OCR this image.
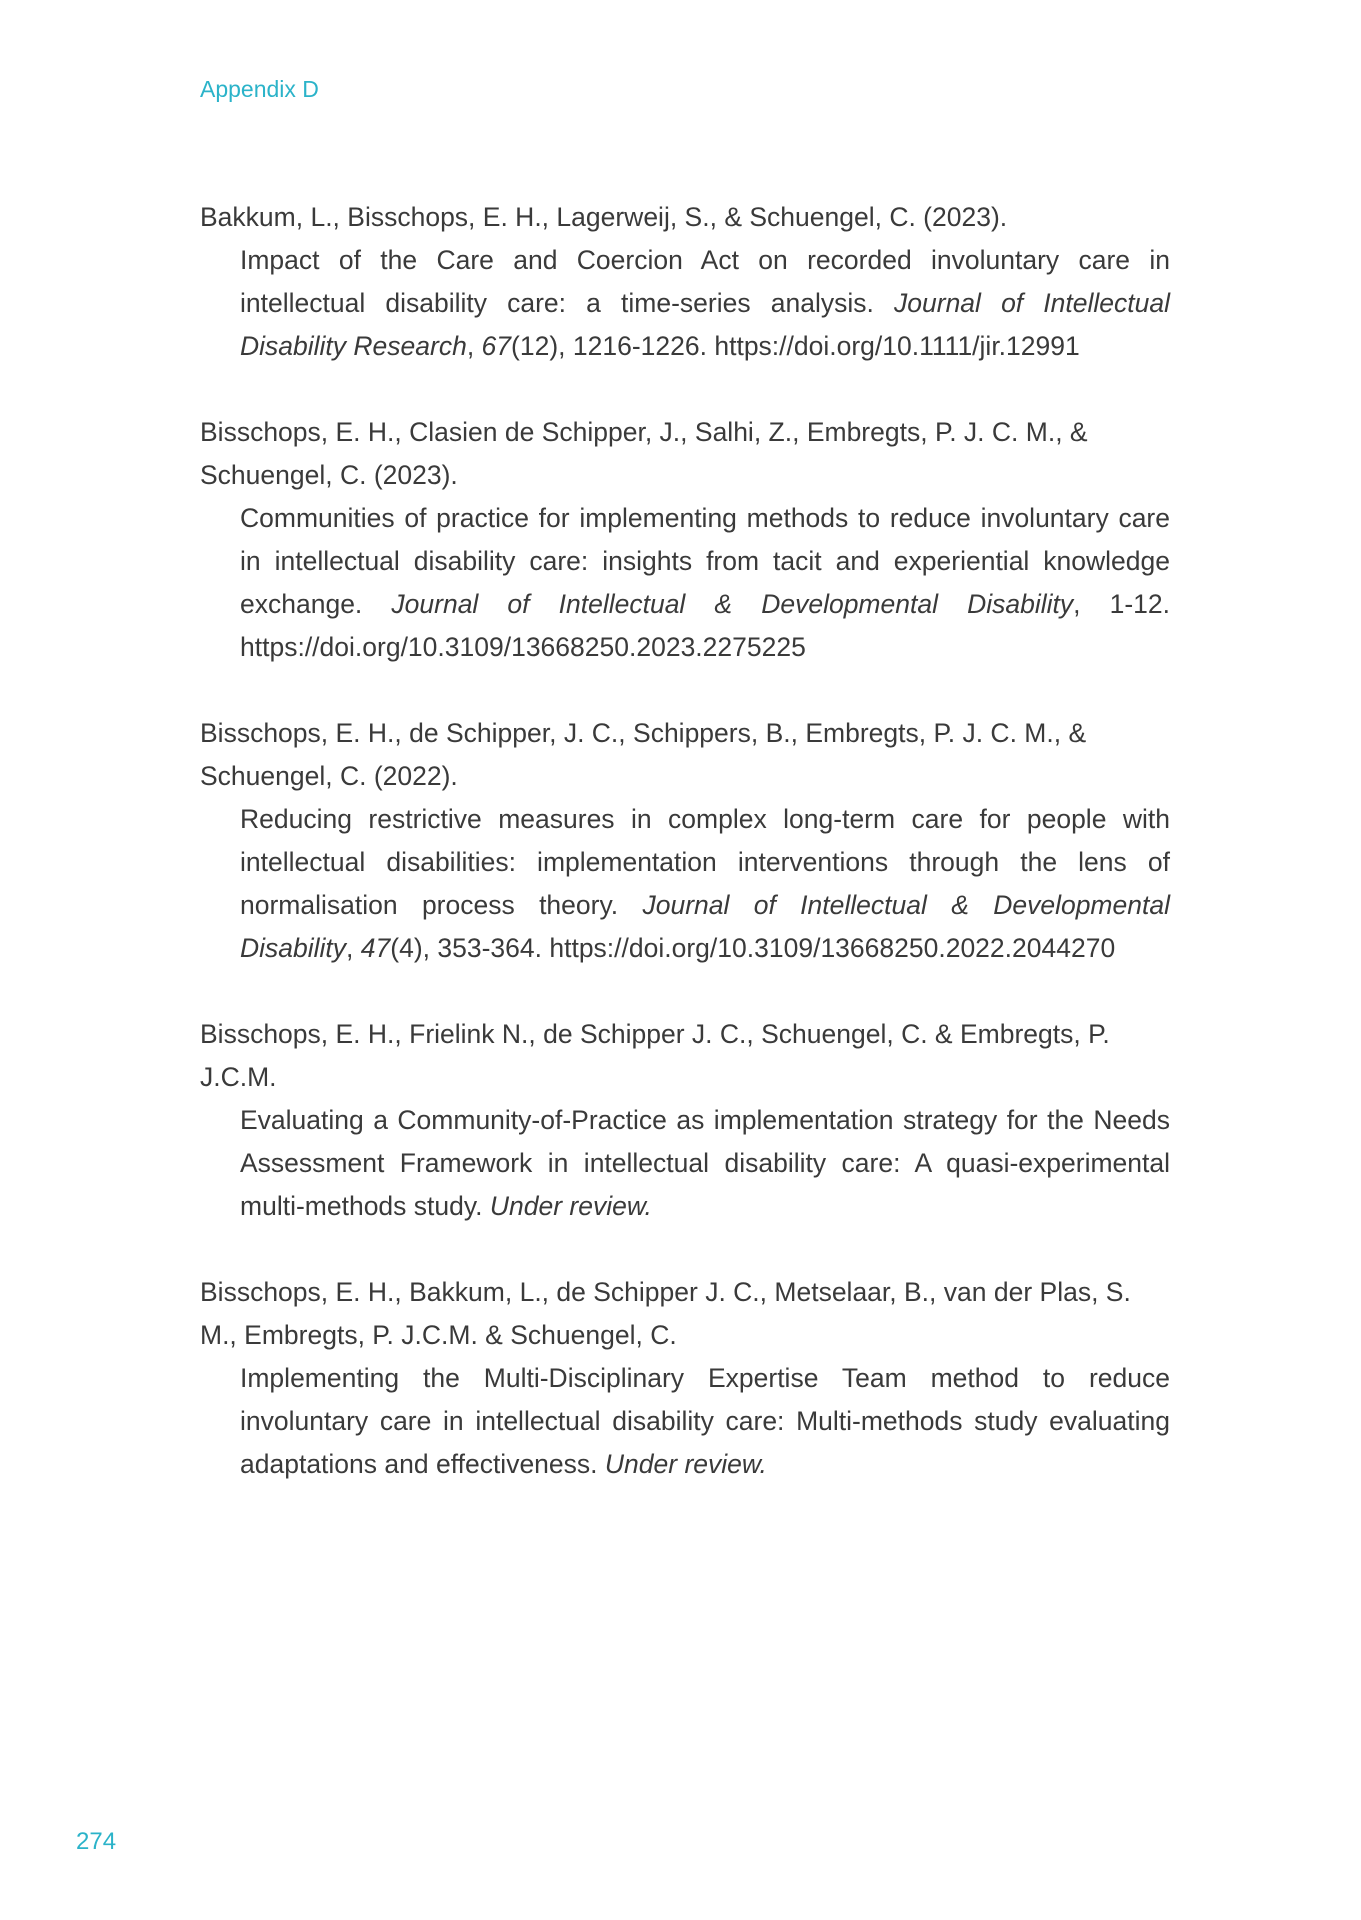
Appendix D
Bakkum, L., Bisschops, E. H., Lagerweij, S., & Schuengel, C. (2023).
Impact of the Care and Coercion Act on recorded involuntary care in intellectual disability care: a time-series analysis. Journal of Intellectual Disability Research, 67(12), 1216-1226. https://doi.org/10.1111/jir.12991
Bisschops, E. H., Clasien de Schipper, J., Salhi, Z., Embregts, P. J. C. M., & Schuengel, C. (2023).
Communities of practice for implementing methods to reduce involuntary care in intellectual disability care: insights from tacit and experiential knowledge exchange. Journal of Intellectual & Developmental Disability, 1-12. https://doi.org/10.3109/13668250.2023.2275225
Bisschops, E. H., de Schipper, J. C., Schippers, B., Embregts, P. J. C. M., & Schuengel, C. (2022).
Reducing restrictive measures in complex long-term care for people with intellectual disabilities: implementation interventions through the lens of normalisation process theory. Journal of Intellectual & Developmental Disability, 47(4), 353-364. https://doi.org/10.3109/13668250.2022.2044270
Bisschops, E. H., Frielink N., de Schipper J. C., Schuengel, C. & Embregts, P. J.C.M.
Evaluating a Community-of-Practice as implementation strategy for the Needs Assessment Framework in intellectual disability care: A quasi-experimental multi-methods study. Under review.
Bisschops, E. H., Bakkum, L., de Schipper J. C., Metselaar, B., van der Plas, S. M., Embregts, P. J.C.M. & Schuengel, C.
Implementing the Multi-Disciplinary Expertise Team method to reduce involuntary care in intellectual disability care: Multi-methods study evaluating adaptations and effectiveness. Under review.
274
